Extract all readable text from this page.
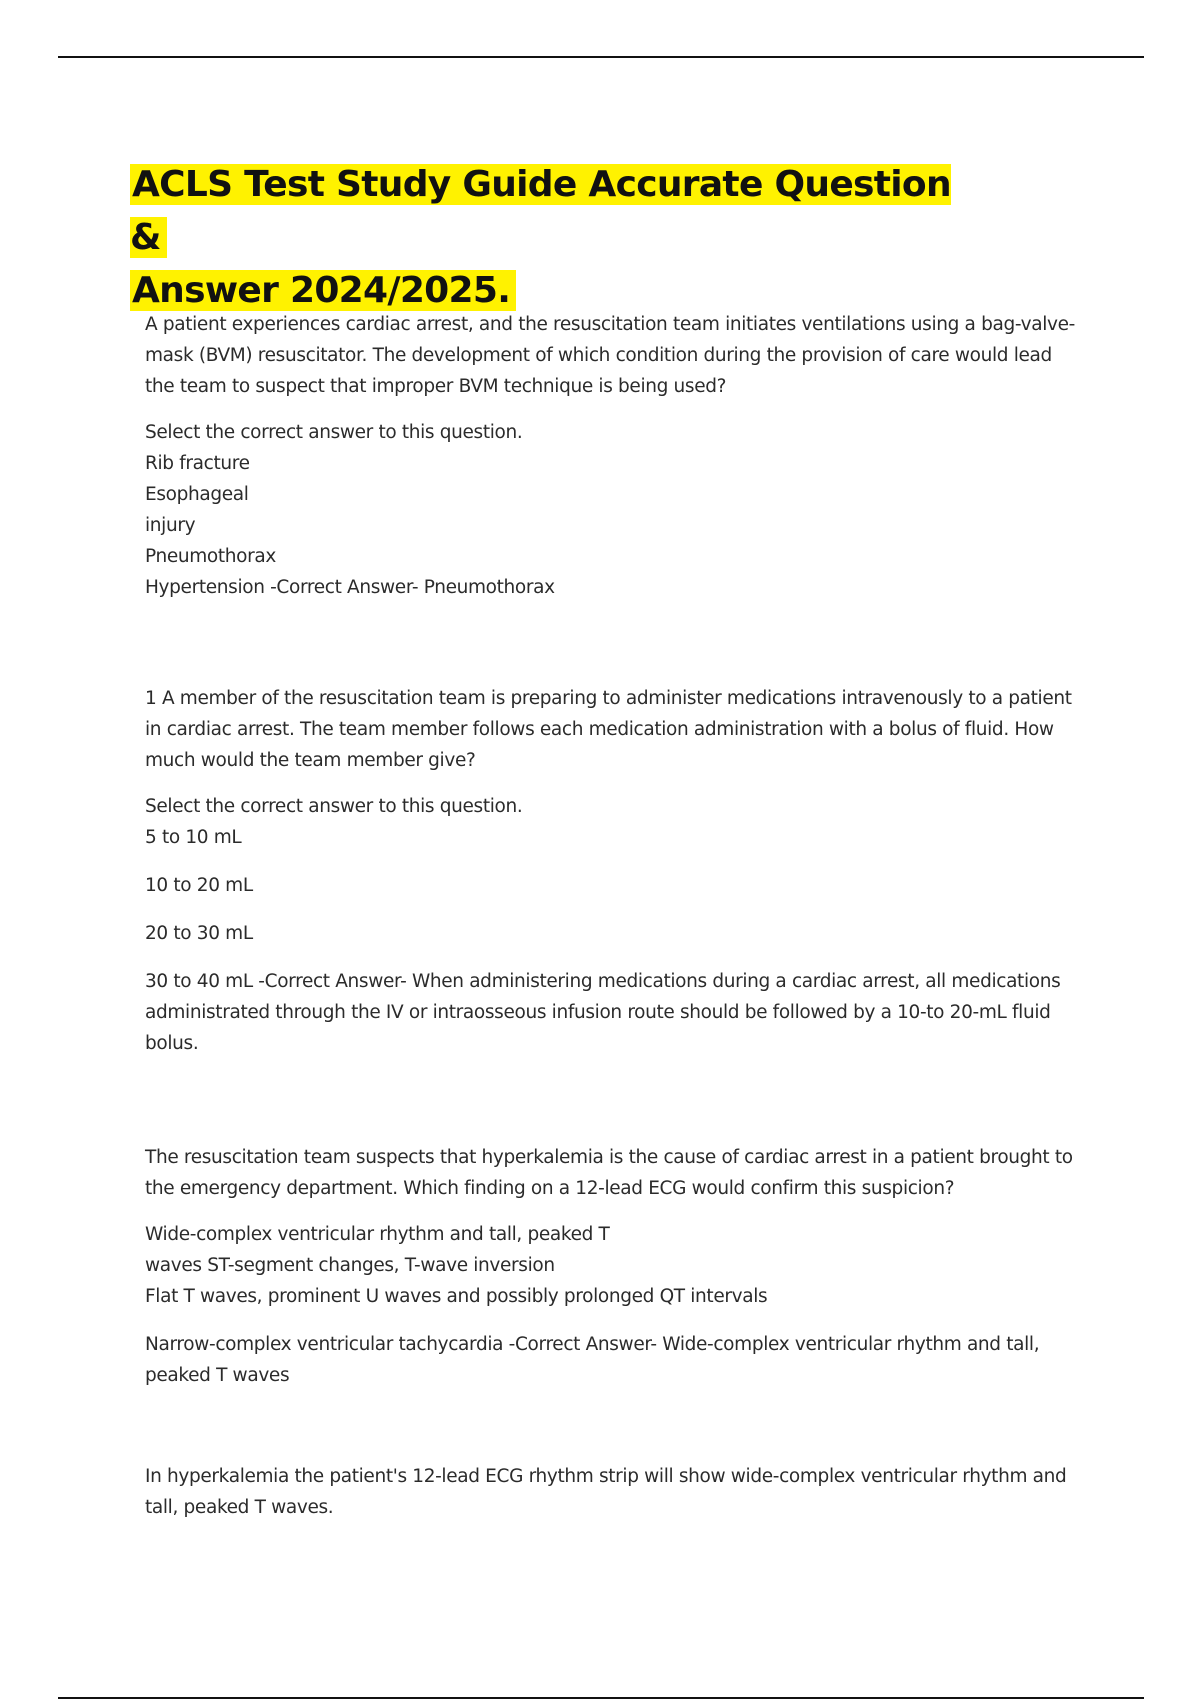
ACLS Test Study Guide Accurate Question &
Answer 2024/2025.

A patient experiences cardiac arrest, and the resuscitation team initiates ventilations using a bag-valve- mask (BVM) resuscitator. The development of which condition during the provision of care would lead the team to suspect that improper BVM technique is being used?

Select the correct answer to this question.

Rib fracture

Esophageal

injury

Pneumothorax

Hypertension -Correct Answer- Pneumothorax

1 A member of the resuscitation team is preparing to administer medications intravenously to a patient in cardiac arrest. The team member follows each medication administration with a bolus of fluid. How much would the team member give?

Select the correct answer to this question.

5 to 10 mL

10 to 20 mL

20 to 30 mL

30 to 40 mL -Correct Answer- When administering medications during a cardiac arrest, all medications administrated through the IV or intraosseous infusion route should be followed by a 10-to 20-mL fluid bolus.

The resuscitation team suspects that hyperkalemia is the cause of cardiac arrest in a patient brought to the emergency department. Which finding on a 12-lead ECG would confirm this suspicion?

Wide-complex ventricular rhythm and tall, peaked T

waves ST-segment changes, T-wave inversion

Flat T waves, prominent U waves and possibly prolonged QT intervals

Narrow-complex ventricular tachycardia -Correct Answer- Wide-complex ventricular rhythm and tall, peaked T waves

In hyperkalemia the patient's 12-lead ECG rhythm strip will show wide-complex ventricular rhythm and tall, peaked T waves.
